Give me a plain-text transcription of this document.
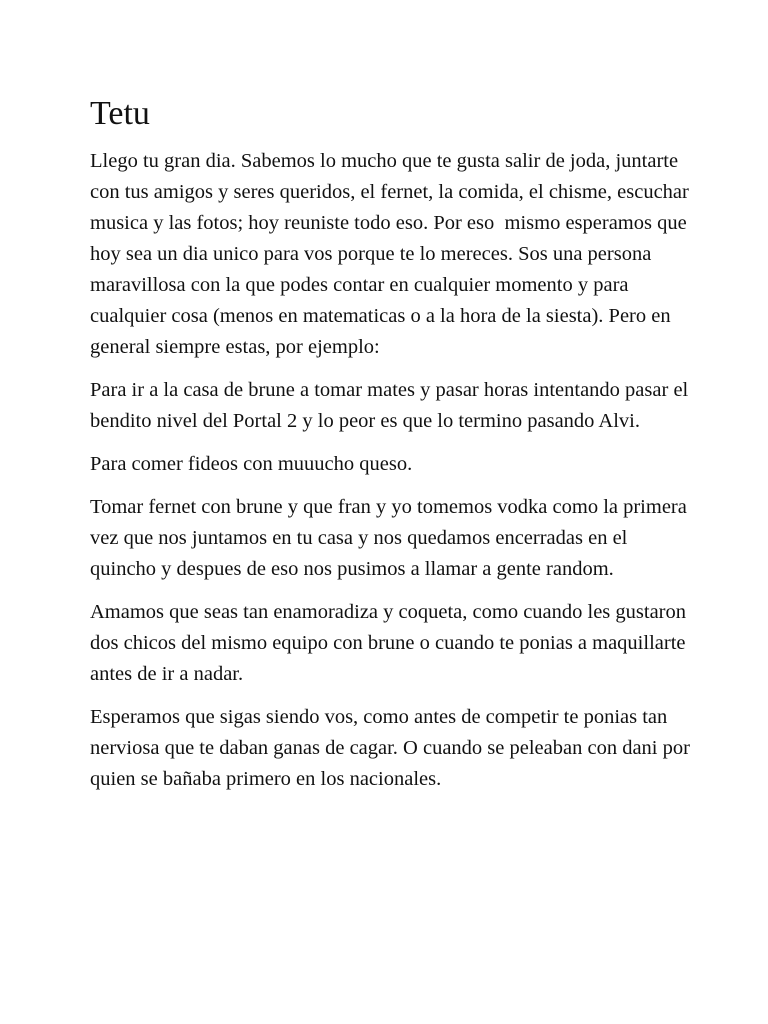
Tetu

Llego tu gran dia. Sabemos lo mucho que te gusta salir de joda, juntarte con tus amigos y seres queridos, el fernet, la comida, el chisme, escuchar musica y las fotos; hoy reuniste todo eso. Por eso  mismo esperamos que hoy sea un dia unico para vos porque te lo mereces. Sos una persona maravillosa con la que podes contar en cualquier momento y para cualquier cosa (menos en matematicas o a la hora de la siesta). Pero en general siempre estas, por ejemplo:

Para ir a la casa de brune a tomar mates y pasar horas intentando pasar el bendito nivel del Portal 2 y lo peor es que lo termino pasando Alvi.

Para comer fideos con muuucho queso.

Tomar fernet con brune y que fran y yo tomemos vodka como la primera vez que nos juntamos en tu casa y nos quedamos encerradas en el quincho y despues de eso nos pusimos a llamar a gente random.

Amamos que seas tan enamoradiza y coqueta, como cuando les gustaron dos chicos del mismo equipo con brune o cuando te ponias a maquillarte antes de ir a nadar.

Esperamos que sigas siendo vos, como antes de competir te ponias tan nerviosa que te daban ganas de cagar. O cuando se peleaban con dani por quien se bañaba primero en los nacionales.
